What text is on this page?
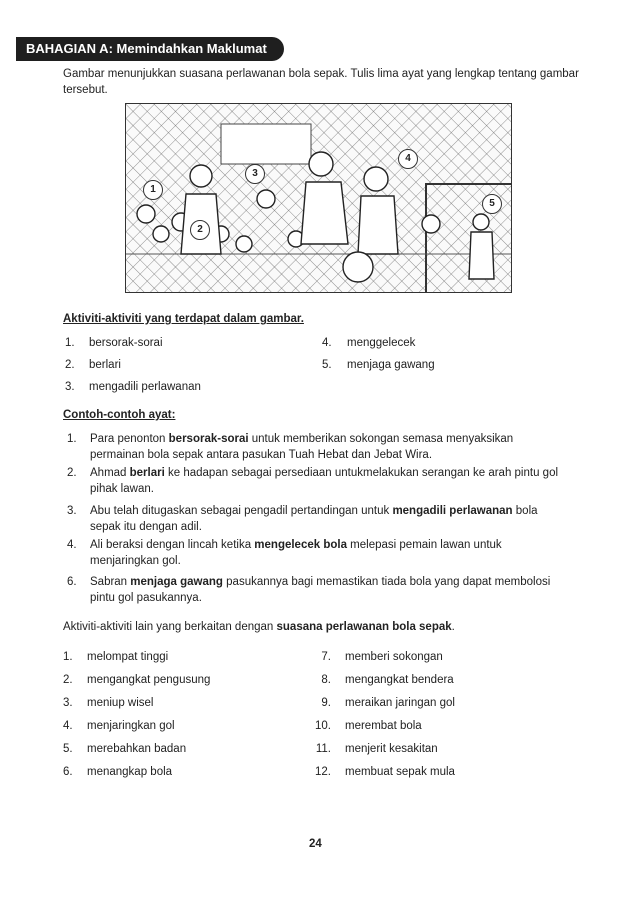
BAHAGIAN A: Memindahkan Maklumat
Gambar menunjukkan suasana perlawanan bola sepak. Tulis lima ayat yang lengkap tentang gambar tersebut.
1
2
3
4
5
Aktiviti-aktiviti yang terdapat dalam gambar.
1. bersorak-sorai
2. berlari
3. mengadili perlawanan
4. menggelecek
5. menjaga gawang
Contoh-contoh ayat:
1. Para penonton bersorak-sorai untuk memberikan sokongan semasa menyaksikan permainan bola sepak antara pasukan Tuah Hebat dan Jebat Wira.
2. Ahmad berlari ke hadapan sebagai persediaan untukmelakukan serangan ke arah pintu gol pihak lawan.
3. Abu telah ditugaskan sebagai pengadil pertandingan untuk mengadili perlawanan bola sepak itu dengan adil.
4. Ali beraksi dengan lincah ketika mengelecek bola melepasi pemain lawan untuk menjaringkan gol.
6. Sabran menjaga gawang pasukannya bagi memastikan tiada bola yang dapat membolosi pintu gol pasukannya.
Aktiviti-aktiviti lain yang berkaitan dengan suasana perlawanan bola sepak.
1. melompat tinggi
2. mengangkat pengusung
3. meniup wisel
4. menjaringkan gol
5. merebahkan badan
6. menangkap bola
7. memberi sokongan
8. mengangkat bendera
9. meraikan jaringan gol
10. merembat bola
11. menjerit kesakitan
12. membuat sepak mula
24
